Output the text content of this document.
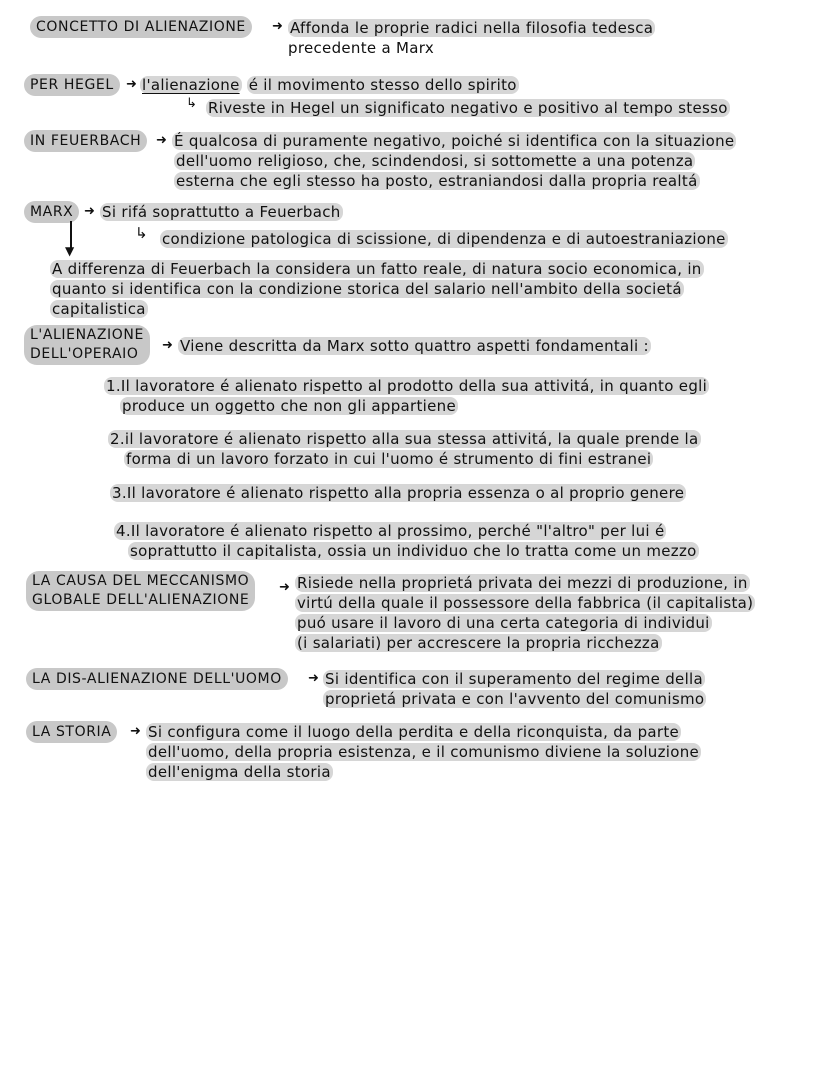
CONCETTO DI ALIENAZIONE	➜ Affonda le proprie radici nella filosofia tedesca
precedente a Marx
PER HEGEL ➜ l'alienazione é il movimento stesso dello spirito
↳ Riveste in Hegel un significato negativo e positivo al tempo stesso
IN FEUERBACH	➜ É qualcosa di puramente negativo, poiché si identifica con la situazione
dell'uomo religioso, che, scindendosi, si sottomette a una potenza
esterna che egli stesso ha posto, estraniandosi dalla propria realtá
MARX ➜ Si rifá soprattutto a Feuerbach
▼
↳ condizione patologica di scissione, di dipendenza e di autoestraniazione
A differenza di Feuerbach la considera un fatto reale, di natura socio economica, in
quanto si identifica con la condizione storica del salario nell'ambito della societá
capitalistica
L'ALIENAZIONE
DELL'OPERAIO
➜ Viene descritta da Marx sotto quattro aspetti fondamentali :
1.Il lavoratore é alienato rispetto al prodotto della sua attivitá, in quanto egli
produce un oggetto che non gli appartiene
2.il lavoratore é alienato rispetto alla sua stessa attivitá, la quale prende la
forma di un lavoro forzato in cui l'uomo é strumento di fini estranei
3.Il lavoratore é alienato rispetto alla propria essenza o al proprio genere
4.Il lavoratore é alienato rispetto al prossimo, perché "l'altro" per lui é
soprattutto il capitalista, ossia un individuo che lo tratta come un mezzo
LA CAUSA DEL MECCANISMO
GLOBALE DELL'ALIENAZIONE
➜ Risiede nella proprietá privata dei mezzi di produzione, in
virtú della quale il possessore della fabbrica (il capitalista)
puó usare il lavoro di una certa categoria di individui
(i salariati) per accrescere la propria ricchezza
LA DIS-ALIENAZIONE DELL'UOMO	➜ Si identifica con il superamento del regime della
proprietá privata e con l'avvento del comunismo
LA STORIA	➜ Si configura come il luogo della perdita e della riconquista, da parte
dell'uomo, della propria esistenza, e il comunismo diviene la soluzione
dell'enigma della storia
